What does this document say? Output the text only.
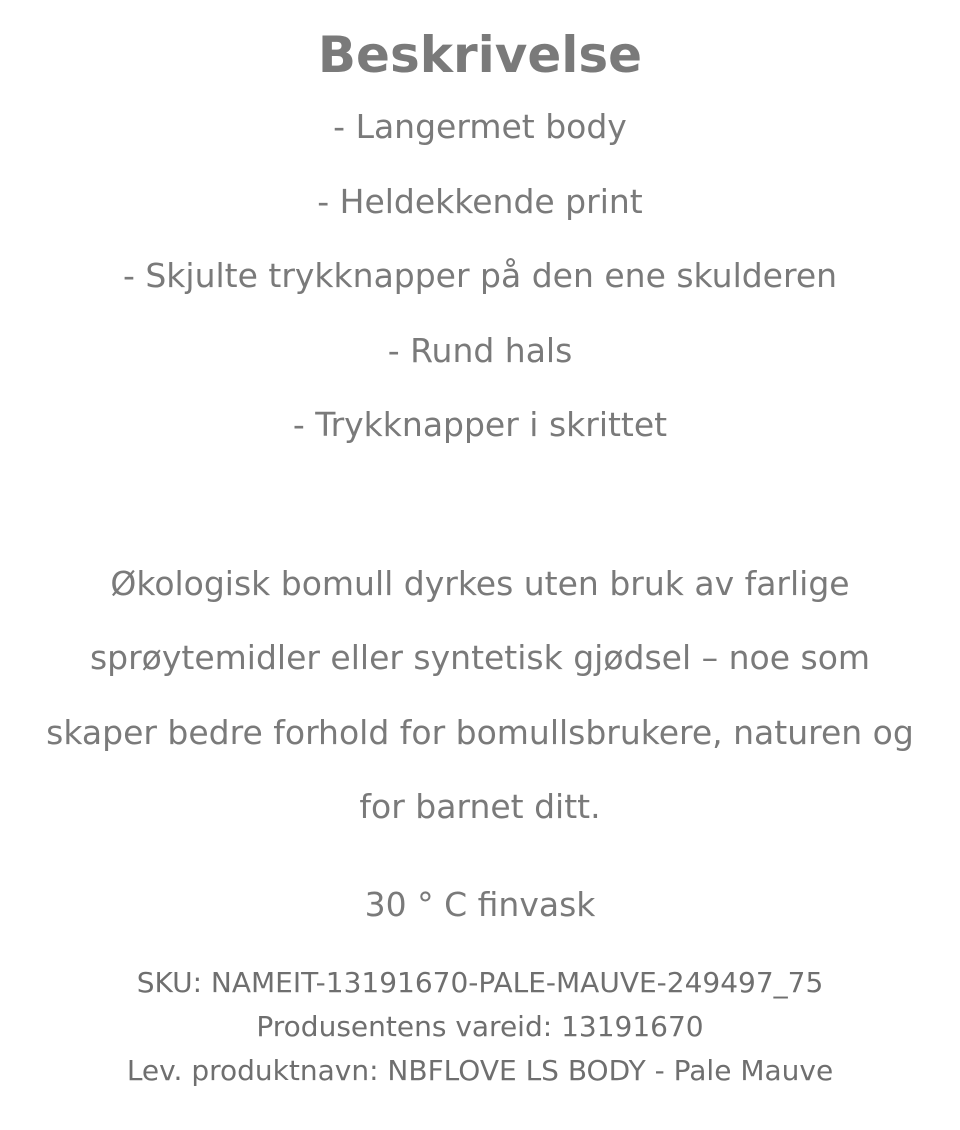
Beskrivelse
- Langermet body
- Heldekkende print
- Skjulte trykknapper på den ene skulderen
- Rund hals
- Trykknapper i skrittet

Økologisk bomull dyrkes uten bruk av farlige sprøytemidler eller syntetisk gjødsel – noe som skaper bedre forhold for bomullsbrukere, naturen og for barnet ditt.

30 ° C finvask

SKU: NAMEIT-13191670-PALE-MAUVE-249497_75
Produsentens vareid: 13191670
Lev. produktnavn: NBFLOVE LS BODY - Pale Mauve
